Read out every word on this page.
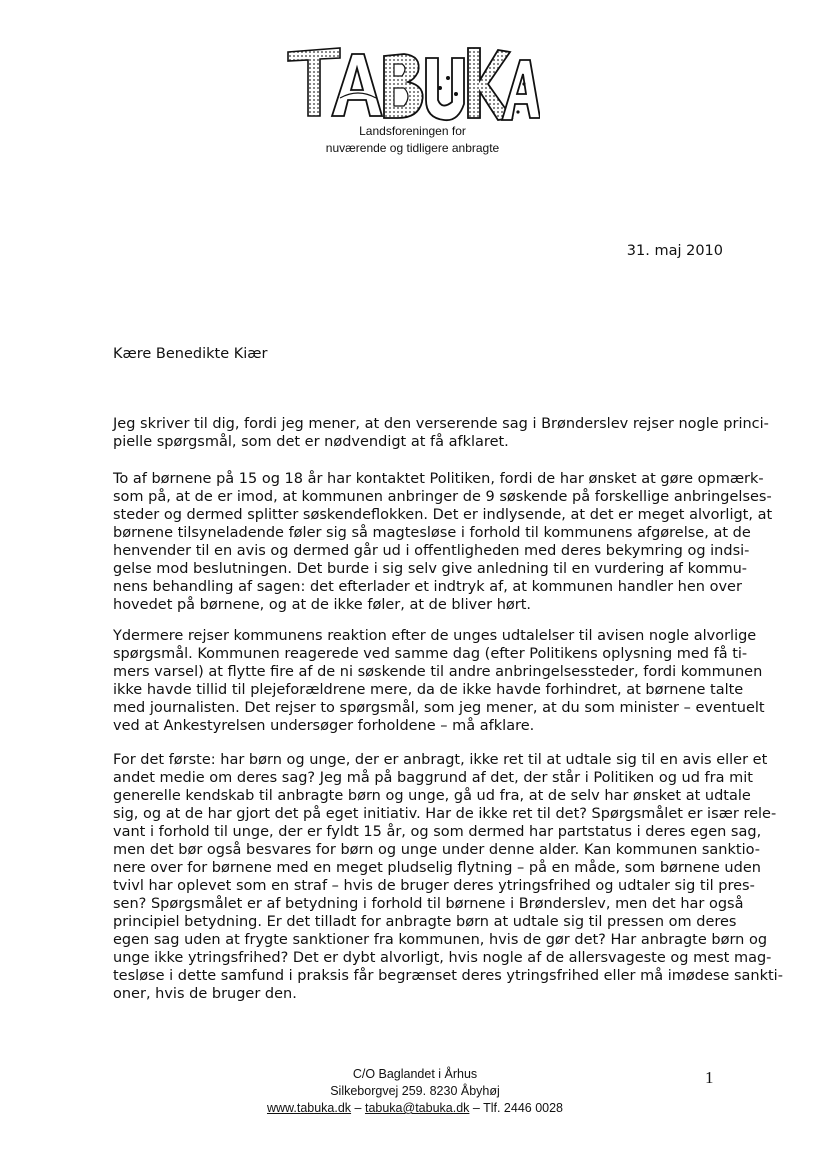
Landsforeningen for
nuværende og tidligere anbragte
31. maj 2010
Kære Benedikte Kiær

Jeg skriver til dig, fordi jeg mener, at den verserende sag i Brønderslev rejser nogle princi-
pielle spørgsmål, som det er nødvendigt at få afklaret.

To af børnene på 15 og 18 år har kontaktet Politiken, fordi de har ønsket at gøre opmærk-
som på, at de er imod, at kommunen anbringer de 9 søskende på forskellige anbringelses-
steder og dermed splitter søskendeflokken. Det er indlysende, at det er meget alvorligt, at
børnene tilsyneladende føler sig så magtesløse i forhold til kommunens afgørelse, at de
henvender til en avis og dermed går ud i offentligheden med deres bekymring og indsi-
gelse mod beslutningen. Det burde i sig selv give anledning til en vurdering af kommu-
nens behandling af sagen: det efterlader et indtryk af, at kommunen handler hen over
hovedet på børnene, og at de ikke føler, at de bliver hørt.

Ydermere rejser kommunens reaktion efter de unges udtalelser til avisen nogle alvorlige
spørgsmål. Kommunen reagerede ved samme dag (efter Politikens oplysning med få ti-
mers varsel) at flytte fire af de ni søskende til andre anbringelsessteder, fordi kommunen
ikke havde tillid til plejeforældrene mere, da de ikke havde forhindret, at børnene talte
med journalisten. Det rejser to spørgsmål, som jeg mener, at du som minister – eventuelt
ved at Ankestyrelsen undersøger forholdene – må afklare.

For det første: har børn og unge, der er anbragt, ikke ret til at udtale sig til en avis eller et
andet medie om deres sag? Jeg må på baggrund af det, der står i Politiken og ud fra mit
generelle kendskab til anbragte børn og unge, gå ud fra, at de selv har ønsket at udtale
sig, og at de har gjort det på eget initiativ. Har de ikke ret til det? Spørgsmålet er især rele-
vant i forhold til unge, der er fyldt 15 år, og som dermed har partstatus i deres egen sag,
men det bør også besvares for børn og unge under denne alder. Kan kommunen sanktio-
nere over for børnene med en meget pludselig flytning – på en måde, som børnene uden
tvivl har oplevet som en straf – hvis de bruger deres ytringsfrihed og udtaler sig til pres-
sen? Spørgsmålet er af betydning i forhold til børnene i Brønderslev, men det har også
principiel betydning. Er det tilladt for anbragte børn at udtale sig til pressen om deres
egen sag uden at frygte sanktioner fra kommunen, hvis de gør det? Har anbragte børn og
unge ikke ytringsfrihed? Det er dybt alvorligt, hvis nogle af de allersvageste og mest mag-
tesløse i dette samfund i praksis får begrænset deres ytringsfrihed eller må imødese sankti-
oner, hvis de bruger den.

C/O Baglandet i Århus
Silkeborgvej 259. 8230 Åbyhøj
www.tabuka.dk – tabuka@tabuka.dk – Tlf. 2446 0028
1
